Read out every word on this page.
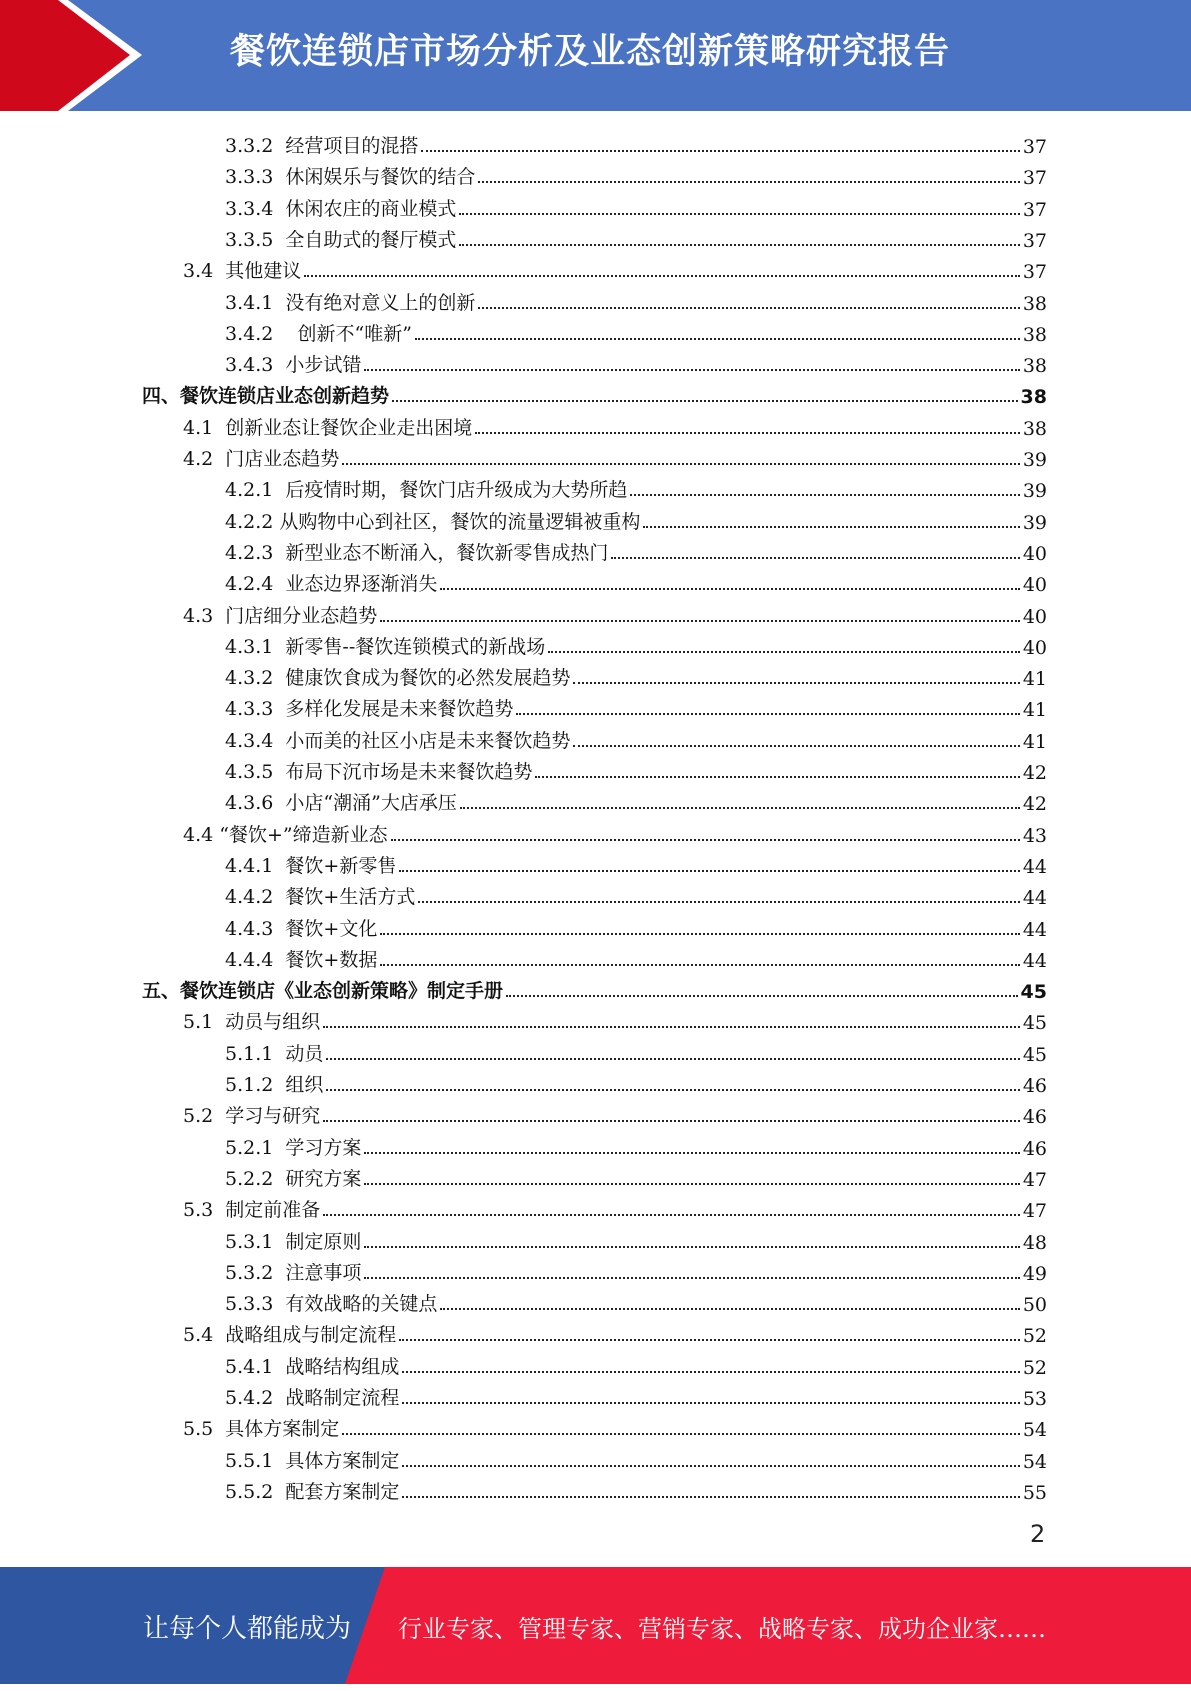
餐饮连锁店市场分析及业态创新策略研究报告
3.3.2  经营项目的混搭	37
3.3.3  休闲娱乐与餐饮的结合	37
3.3.4  休闲农庄的商业模式	37
3.3.5  全自助式的餐厅模式	37
3.4  其他建议	37
3.4.1  没有绝对意义上的创新	38
3.4.2    创新不“唯新”	38
3.4.3  小步试错	38
四、餐饮连锁店业态创新趋势	38
4.1  创新业态让餐饮企业走出困境	38
4.2  门店业态趋势	39
4.2.1  后疫情时期，餐饮门店升级成为大势所趋	39
4.2.2 从购物中心到社区，餐饮的流量逻辑被重构	39
4.2.3  新型业态不断涌入，餐饮新零售成热门	40
4.2.4  业态边界逐渐消失	40
4.3  门店细分业态趋势	40
4.3.1  新零售--餐饮连锁模式的新战场	40
4.3.2  健康饮食成为餐饮的必然发展趋势	41
4.3.3  多样化发展是未来餐饮趋势	41
4.3.4  小而美的社区小店是未来餐饮趋势	41
4.3.5  布局下沉市场是未来餐饮趋势	42
4.3.6  小店“潮涌”大店承压	42
4.4 “餐饮+”缔造新业态	43
4.4.1  餐饮+新零售	44
4.4.2  餐饮+生活方式	44
4.4.3  餐饮+文化	44
4.4.4  餐饮+数据	44
五、餐饮连锁店《业态创新策略》制定手册	45
5.1  动员与组织	45
5.1.1  动员	45
5.1.2  组织	46
5.2  学习与研究	46
5.2.1  学习方案	46
5.2.2  研究方案	47
5.3  制定前准备	47
5.3.1  制定原则	48
5.3.2  注意事项	49
5.3.3  有效战略的关键点	50
5.4  战略组成与制定流程	52
5.4.1  战略结构组成	52
5.4.2  战略制定流程	53
5.5  具体方案制定	54
5.5.1  具体方案制定	54
5.5.2  配套方案制定	55
2
让每个人都能成为 行业专家、管理专家、营销专家、战略专家、成功企业家……
